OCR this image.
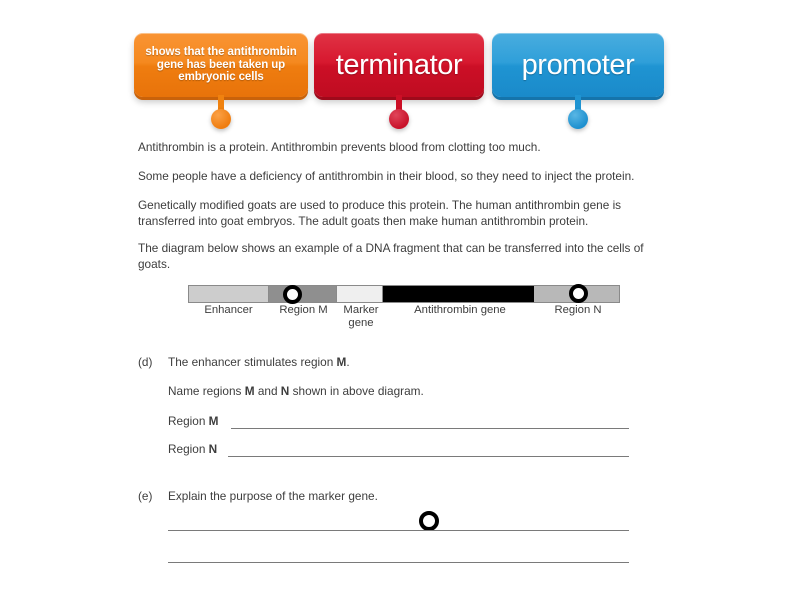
shows that the antithrombin gene has been taken up embryonic cells	terminator	promoter
Antithrombin is a protein. Antithrombin prevents blood from clotting too much.
Some people have a deficiency of antithrombin in their blood, so they need to inject the protein.
Genetically modified goats are used to produce this protein. The human antithrombin gene is transferred into goat embryos. The adult goats then make human antithrombin protein.
The diagram below shows an example of a DNA fragment that can be transferred into the cells of goats.
Enhancer	Region M	Marker gene
Antithrombin gene	Region N
(d) The enhancer stimulates region M.
Name regions M and N shown in above diagram.
Region M
Region N
(e) Explain the purpose of the marker gene.
